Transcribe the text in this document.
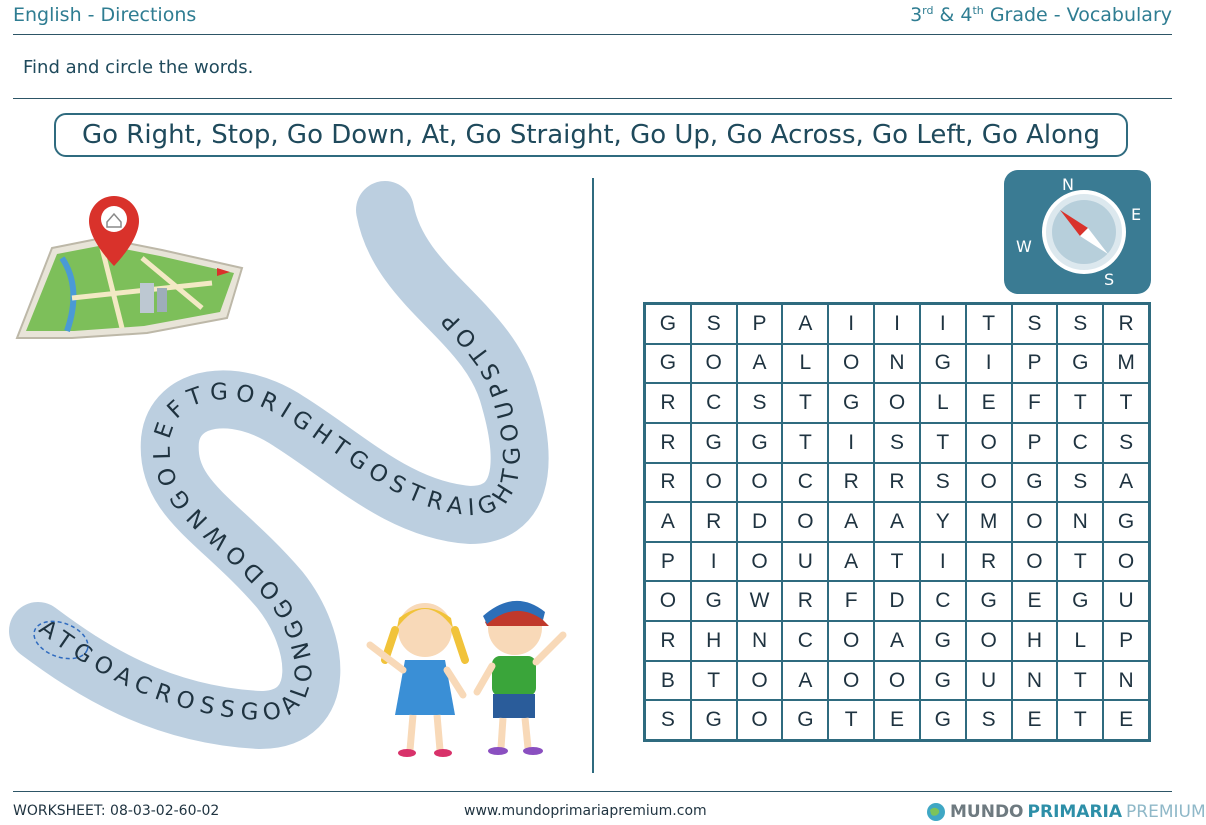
English - Directions	3rd & 4th Grade - Vocabulary
Find and circle the words.
Go Right, Stop, Go Down, At, Go Straight, Go Up, Go Across, Go Left, Go Along
ATGOACROSSGOALONGGODOWNGOLEFTGORIGHTGOSTRAIGHTGOUPSTOP
N
E
S
W
G	S	P	A	I	I	I	T	S	S	R
G	O	A	L	O	N	G	I	P	G	M
R	C	S	T	G	O	L	E	F	T	T
R	G	G	T	I	S	T	O	P	C	S
R	O	O	C	R	R	S	O	G	S	A
A	R	D	O	A	A	Y	M	O	N	G
P	I	O	U	A	T	I	R	O	T	O
O	G	W	R	F	D	C	G	E	G	U
R	H	N	C	O	A	G	O	H	L	P
B	T	O	A	O	O	G	U	N	T	N
S	G	O	G	T	E	G	S	E	T	E
WORKSHEET: 08-03-02-60-02	www.mundoprimariapremium.com	MUNDO PRIMARIA PREMIUM
